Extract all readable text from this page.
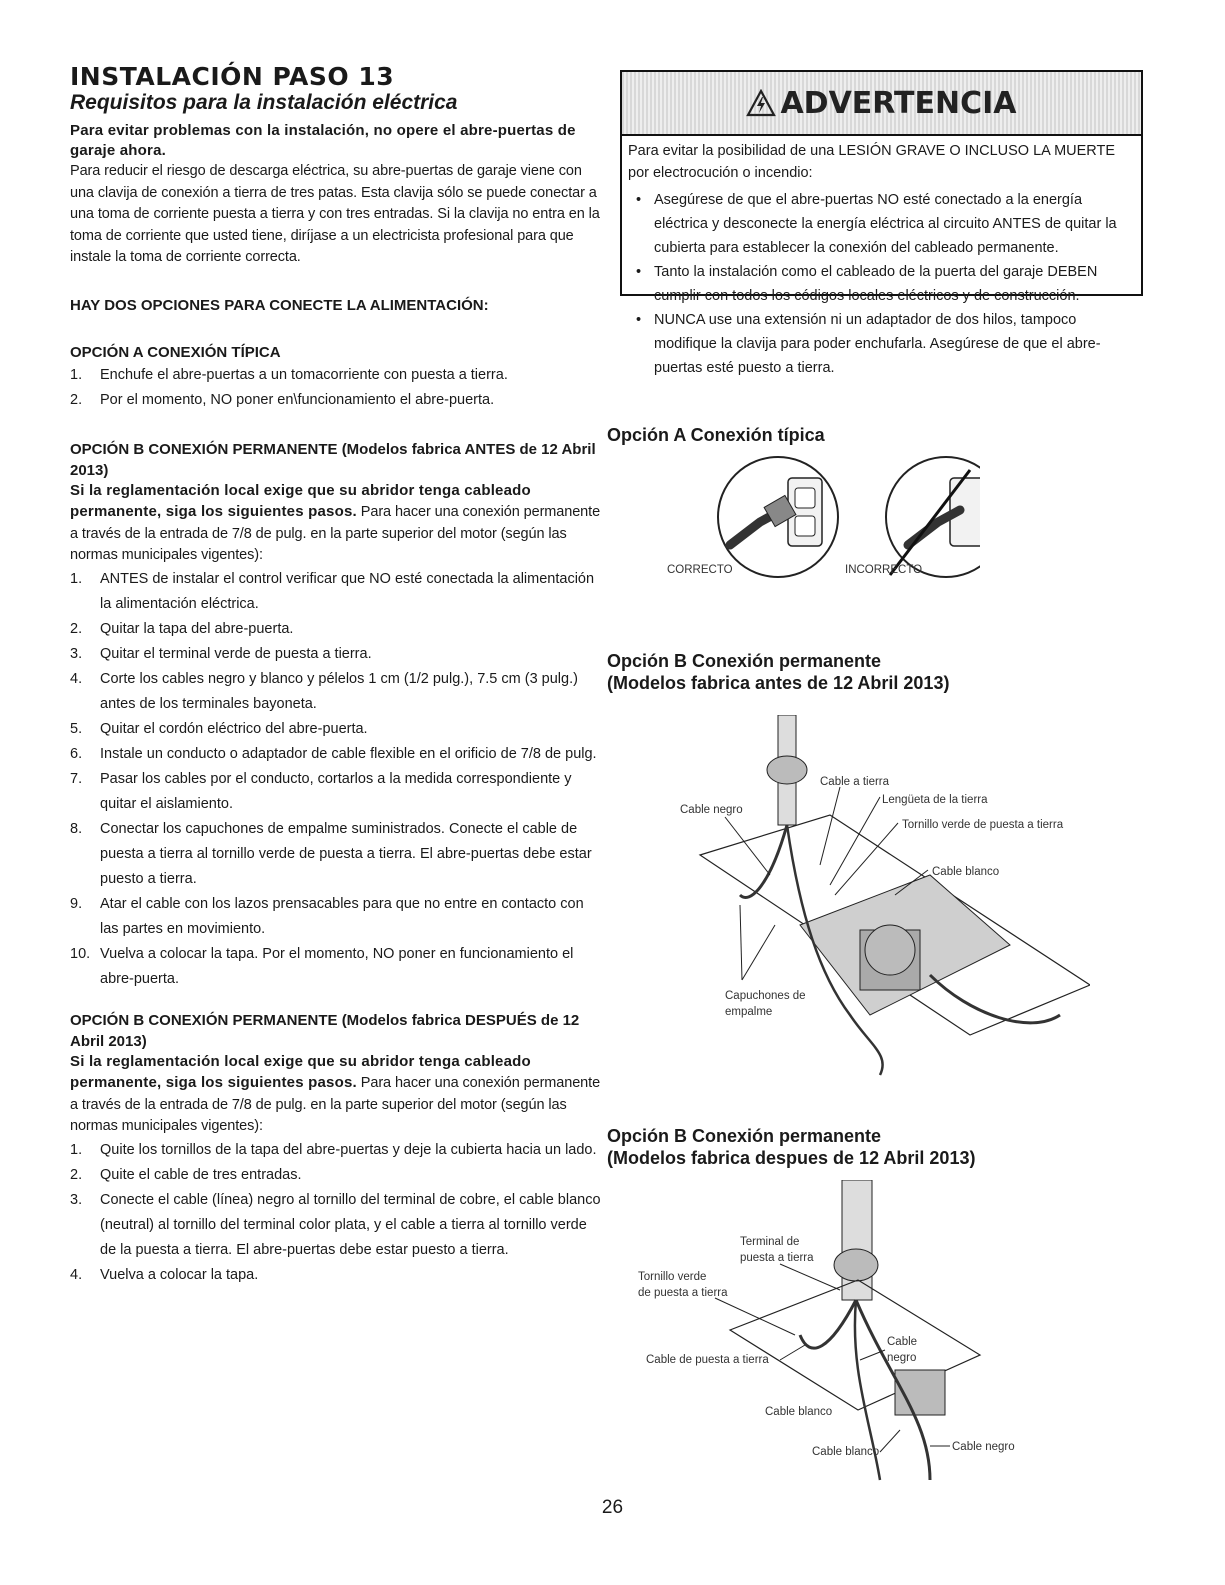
INSTALACIÓN PASO 13
Requisitos para la instalación eléctrica

Para evitar problemas con la instalación, no opere el abre-puertas de garaje ahora.

Para reducir el riesgo de descarga eléctrica, su abre-puertas de garaje viene con una clavija de conexión a tierra de tres patas. Esta clavija sólo se puede conectar a una toma de corriente puesta a tierra y con tres entradas. Si la clavija no entra en la toma de corriente que usted tiene, diríjase a un electricista profesional para que instale la toma de corriente correcta.

HAY DOS OPCIONES PARA CONECTE LA ALIMENTACIÓN:

OPCIÓN A CONEXIÓN TÍPICA

1.	Enchufe el abre-puertas a un tomacorriente con puesta a tierra.
2.	Por el momento, NO poner en\funcionamiento el abre-puerta.

OPCIÓN B CONEXIÓN PERMANENTE (Modelos fabrica ANTES de 12 Abril 2013)

Si la reglamentación local exige que su abridor tenga cableado permanente, siga los siguientes pasos. Para hacer una conexión permanente a través de la entrada de 7/8 de pulg. en la parte superior del motor (según las normas municipales vigentes):

1.	ANTES de instalar el control verificar que NO esté conectada la alimentación la alimentación eléctrica.
2.	Quitar la tapa del abre-puerta.
3.	Quitar el terminal verde de puesta a tierra.
4.	Corte los cables negro y blanco y pélelos 1 cm (1/2 pulg.), 7.5 cm (3 pulg.) antes de los terminales bayoneta.
5.	Quitar el cordón eléctrico del abre-puerta.
6.	Instale un conducto o adaptador de cable flexible en el orificio de 7/8 de pulg.
7.	Pasar los cables por el conducto, cortarlos a la medida correspondiente y quitar el aislamiento.
8.	Conectar los capuchones de empalme suministrados. Conecte el cable de puesta a tierra al tornillo verde de puesta a tierra. El abre-puertas debe estar puesto a tierra.
9.	Atar el cable con los lazos prensacables para que no entre en contacto con las partes en movimiento.
10. Vuelva a colocar la tapa. Por el momento, NO poner en funcionamiento el abre-puerta.

OPCIÓN B CONEXIÓN PERMANENTE (Modelos fabrica DESPUÉS de 12 Abril 2013)

Si la reglamentación local exige que su abridor tenga cableado permanente, siga los siguientes pasos. Para hacer una conexión permanente a través de la entrada de 7/8 de pulg. en la parte superior del motor (según las normas municipales vigentes):

1.	Quite los tornillos de la tapa del abre-puertas y deje la cubierta hacia un lado.
2.	Quite el cable de tres entradas.
3.	Conecte el cable (línea) negro al tornillo del terminal de cobre, el cable blanco (neutral) al tornillo del terminal color plata, y el cable a tierra al tornillo verde de la puesta a tierra. El abre-puertas debe estar puesto a tierra.
4.	Vuelva a colocar la tapa.
ADVERTENCIA

Para evitar la posibilidad de una LESIÓN GRAVE O INCLUSO LA MUERTE por electrocución o incendio:

• Asegúrese de que el abre-puertas NO esté conectado a la energía eléctrica y desconecte la energía eléctrica al circuito ANTES de quitar la cubierta para establecer la conexión del cableado permanente.
• Tanto la instalación como el cableado de la puerta del garaje DEBEN cumplir con todos los códigos locales eléctricos y de construcción.
• NUNCA use una extensión ni un adaptador de dos hilos, tampoco modifique la clavija para poder enchufarla. Asegúrese de que el abre-puertas esté puesto a tierra.

Opción A Conexión típica

CORRECTO	INCORRECTO

Opción B Conexión permanente

(Modelos fabrica antes de 12 Abril 2013)

Cable a tierra
Cable negro
Lengüeta de la tierra
Tornillo verde de puesta a tierra
Cable blanco
Capuchones de
empalme

Opción B Conexión permanente

(Modelos fabrica despues de 12 Abril 2013)

Terminal de
puesta a tierra
Tornillo verde
de puesta a tierra
Cable de puesta a tierra
Cable
negro
Cable blanco
Cable blanco	Cable negro
26
